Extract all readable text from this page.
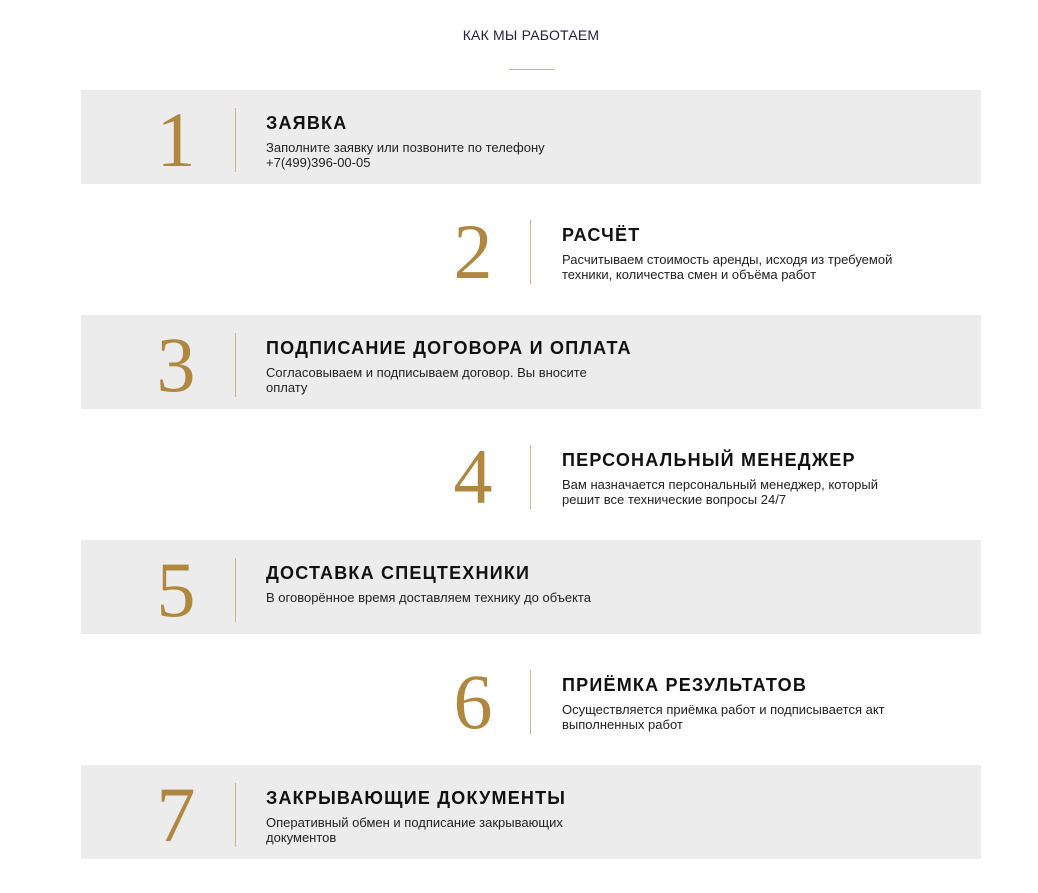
КАК МЫ РАБОТАЕМ
1	ЗАЯВКА
Заполните заявку или позвоните по телефону +7(499)396-00-05
2	РАСЧЁТ
Расчитываем стоимость аренды, исходя из требуемой техники, количества смен и объёма работ
3	ПОДПИСАНИЕ ДОГОВОРА И ОПЛАТА
Согласовываем и подписываем договор. Вы вносите оплату
4	ПЕРСОНАЛЬНЫЙ МЕНЕДЖЕР
Вам назначается персональный менеджер, который решит все технические вопросы 24/7
5	ДОСТАВКА СПЕЦТЕХНИКИ
В оговорённое время доставляем технику до объекта
6	ПРИЁМКА РЕЗУЛЬТАТОВ
Осуществляется приёмка работ и подписывается акт выполненных работ
7	ЗАКРЫВАЮЩИЕ ДОКУМЕНТЫ
Оперативный обмен и подписание закрывающих документов
